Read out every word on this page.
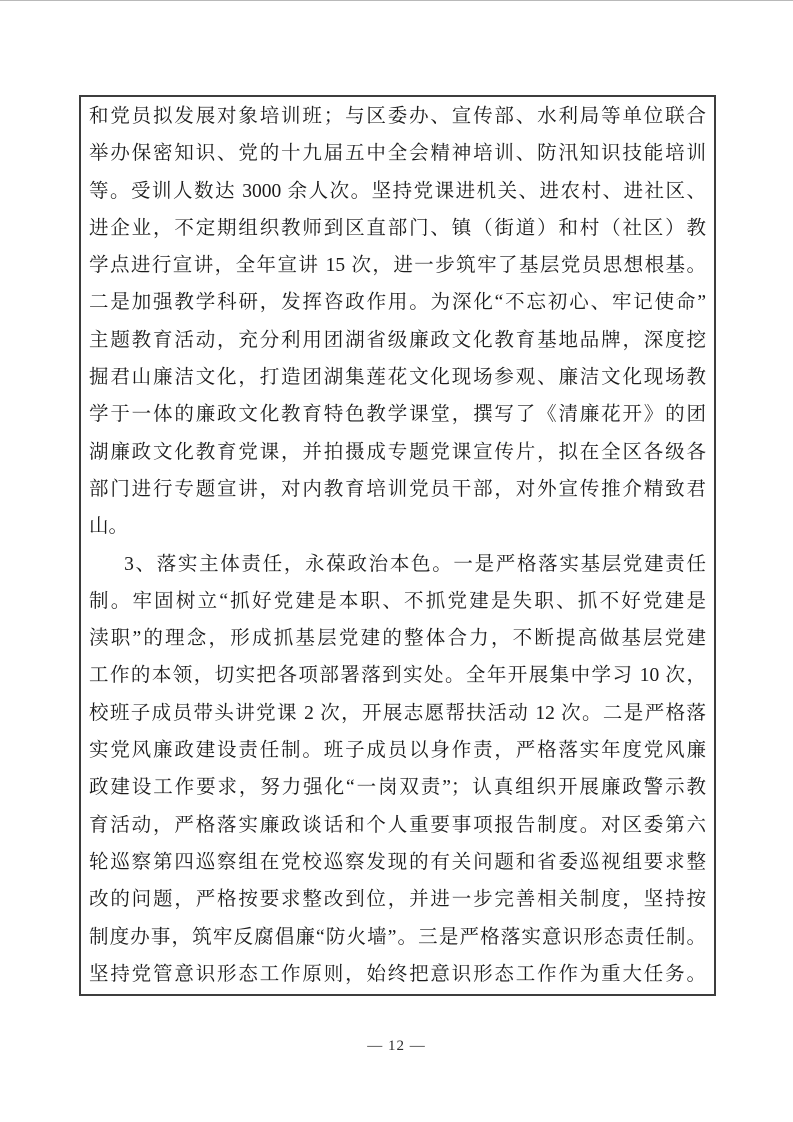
和党员拟发展对象培训班；与区委办、宣传部、水利局等单位联合
举办保密知识、党的十九届五中全会精神培训、防汛知识技能培训
等。受训人数达 3000 余人次。坚持党课进机关、进农村、进社区、
进企业，不定期组织教师到区直部门、镇（街道）和村（社区）教
学点进行宣讲，全年宣讲 15 次，进一步筑牢了基层党员思想根基。
二是加强教学科研，发挥咨政作用。为深化“不忘初心、牢记使命”
主题教育活动，充分利用团湖省级廉政文化教育基地品牌，深度挖
掘君山廉洁文化，打造团湖集莲花文化现场参观、廉洁文化现场教
学于一体的廉政文化教育特色教学课堂，撰写了《清廉花开》的团
湖廉政文化教育党课，并拍摄成专题党课宣传片，拟在全区各级各
部门进行专题宣讲，对内教育培训党员干部，对外宣传推介精致君
山。
3、落实主体责任，永葆政治本色。一是严格落实基层党建责任
制。牢固树立“抓好党建是本职、不抓党建是失职、抓不好党建是
渎职”的理念，形成抓基层党建的整体合力，不断提高做基层党建
工作的本领，切实把各项部署落到实处。全年开展集中学习 10 次，
校班子成员带头讲党课 2 次，开展志愿帮扶活动 12 次。二是严格落
实党风廉政建设责任制。班子成员以身作责，严格落实年度党风廉
政建设工作要求，努力强化“一岗双责”；认真组织开展廉政警示教
育活动，严格落实廉政谈话和个人重要事项报告制度。对区委第六
轮巡察第四巡察组在党校巡察发现的有关问题和省委巡视组要求整
改的问题，严格按要求整改到位，并进一步完善相关制度，坚持按
制度办事，筑牢反腐倡廉“防火墙”。三是严格落实意识形态责任制。
坚持党管意识形态工作原则，始终把意识形态工作作为重大任务。
— 12 —
